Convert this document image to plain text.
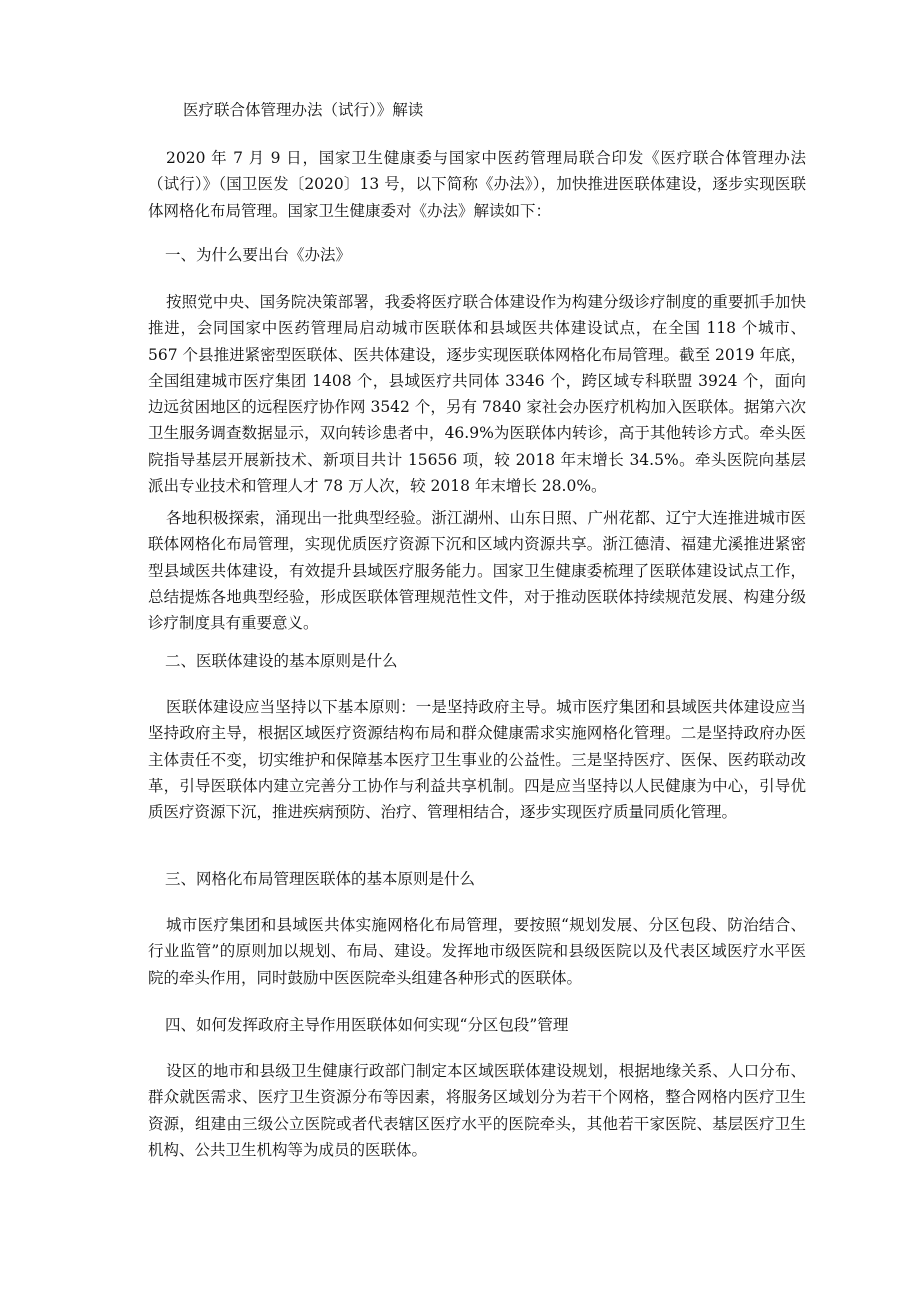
医疗联合体管理办法（试行）》解读
2020 年 7 月 9 日，国家卫生健康委与国家中医药管理局联合印发《医疗联合体管理办法（试行）》（国卫医发〔2020〕13 号，以下简称《办法》），加快推进医联体建设，逐步实现医联体网格化布局管理。国家卫生健康委对《办法》解读如下：
一、为什么要出台《办法》
按照党中央、国务院决策部署，我委将医疗联合体建设作为构建分级诊疗制度的重要抓手加快推进，会同国家中医药管理局启动城市医联体和县域医共体建设试点，在全国 118 个城市、567 个县推进紧密型医联体、医共体建设，逐步实现医联体网格化布局管理。截至 2019 年底，全国组建城市医疗集团 1408 个，县域医疗共同体 3346 个，跨区域专科联盟 3924 个，面向边远贫困地区的远程医疗协作网 3542 个，另有 7840 家社会办医疗机构加入医联体。据第六次卫生服务调查数据显示，双向转诊患者中，46.9%为医联体内转诊，高于其他转诊方式。牵头医院指导基层开展新技术、新项目共计 15656 项，较 2018 年末增长 34.5%。牵头医院向基层派出专业技术和管理人才 78 万人次，较 2018 年末增长 28.0%。
各地积极探索，涌现出一批典型经验。浙江湖州、山东日照、广州花都、辽宁大连推进城市医联体网格化布局管理，实现优质医疗资源下沉和区域内资源共享。浙江德清、福建尤溪推进紧密型县域医共体建设，有效提升县域医疗服务能力。国家卫生健康委梳理了医联体建设试点工作，总结提炼各地典型经验，形成医联体管理规范性文件，对于推动医联体持续规范发展、构建分级诊疗制度具有重要意义。
二、医联体建设的基本原则是什么
医联体建设应当坚持以下基本原则：一是坚持政府主导。城市医疗集团和县域医共体建设应当坚持政府主导，根据区域医疗资源结构布局和群众健康需求实施网格化管理。二是坚持政府办医主体责任不变，切实维护和保障基本医疗卫生事业的公益性。三是坚持医疗、医保、医药联动改革，引导医联体内建立完善分工协作与利益共享机制。四是应当坚持以人民健康为中心，引导优质医疗资源下沉，推进疾病预防、治疗、管理相结合，逐步实现医疗质量同质化管理。
三、网格化布局管理医联体的基本原则是什么
城市医疗集团和县域医共体实施网格化布局管理，要按照“规划发展、分区包段、防治结合、行业监管”的原则加以规划、布局、建设。发挥地市级医院和县级医院以及代表区域医疗水平医院的牵头作用，同时鼓励中医医院牵头组建各种形式的医联体。
四、如何发挥政府主导作用医联体如何实现“分区包段”管理
设区的地市和县级卫生健康行政部门制定本区域医联体建设规划，根据地缘关系、人口分布、群众就医需求、医疗卫生资源分布等因素，将服务区域划分为若干个网格，整合网格内医疗卫生资源，组建由三级公立医院或者代表辖区医疗水平的医院牵头，其他若干家医院、基层医疗卫生机构、公共卫生机构等为成员的医联体。
